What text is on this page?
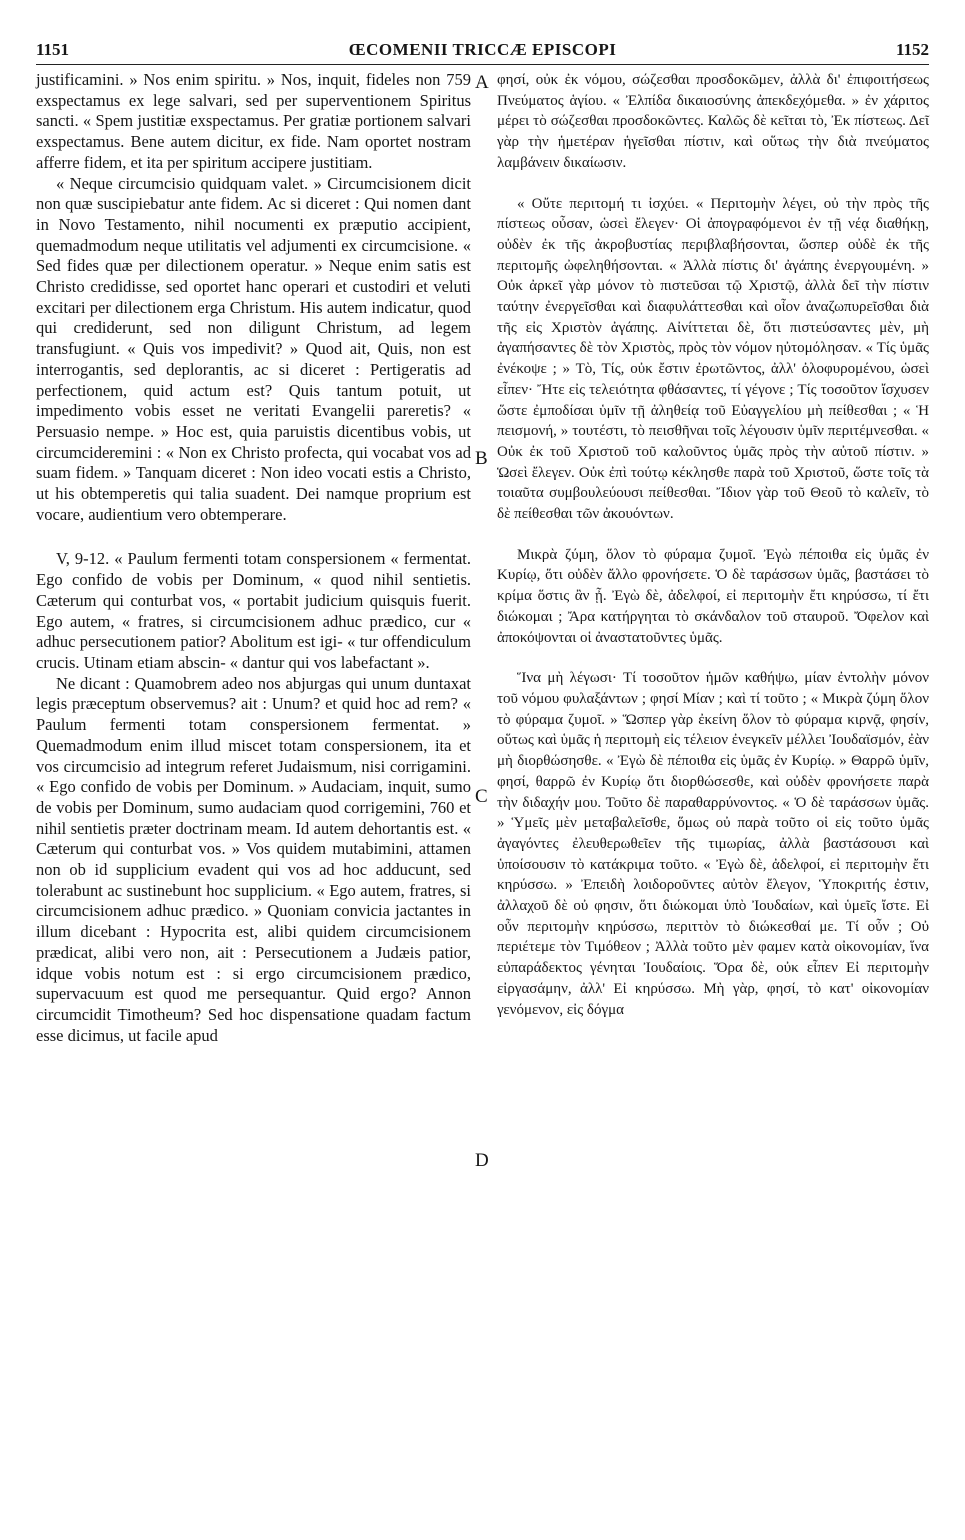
1151	ŒCOMENII TRICCÆ EPISCOPI	1152

justificamini. » Nos enim spiritu. » Nos, inquit, fideles non 759 exspectamus ex lege salvari, sed per superventionem Spiritus sancti. « Spem justitiæ exspectamus. Per gratiæ portionem salvari exspectamus. Bene autem dicitur, ex fide. Nam oportet nostram afferre fidem, et ita per spiritum accipere justitiam.

« Neque circumcisio quidquam valet. » Circumcisionem dicit non quæ suscipiebatur ante fidem. Ac si diceret : Qui nomen dant in Novo Testamento, nihil nocumenti ex præputio accipient, quemadmodum neque utilitatis vel adjumenti ex circumcisione. « Sed fides quæ per dilectionem operatur. » Neque enim satis est Christo credidisse, sed oportet hanc operari et custodiri et veluti excitari per dilectionem erga Christum. His autem indicatur, quod qui crediderunt, sed non diligunt Christum, ad legem transfugiunt. « Quis vos impedivit? » Quod ait, Quis, non est interrogantis, sed deplorantis, ac si diceret : Pertigeratis ad perfectionem, quid actum est? Quis tantum potuit, ut impedimento vobis esset ne veritati Evangelii pareretis? « Persuasio nempe. » Hoc est, quia paruistis dicentibus vobis, ut circumcideremini : « Non ex Christo profecta, qui vocabat vos ad suam fidem. » Tanquam diceret : Non ideo vocati estis a Christo, ut his obtemperetis qui talia suadent. Dei namque proprium est vocare, audientium vero obtemperare.

V, 9-12. « Paulum fermenti totam conspersionem « fermentat. Ego confido de vobis per Dominum, « quod nihil sentietis. Cæterum qui conturbat vos, « portabit judicium quisquis fuerit. Ego autem, « fratres, si circumcisionem adhuc prædico, cur « adhuc persecutionem patior? Abolitum est igi- « tur offendiculum crucis. Utinam etiam abscin- « dantur qui vos labefactant ».

Ne dicant : Quamobrem adeo nos abjurgas qui unum duntaxat legis præceptum observemus? ait : Unum? et quid hoc ad rem? « Paulum fermenti totam conspersionem fermentat. » Quemadmodum enim illud miscet totam conspersionem, ita et vos circumcisio ad integrum referet Judaismum, nisi corrigamini. « Ego confido de vobis per Dominum. » Audaciam, inquit, sumo de vobis per Dominum, sumo audaciam quod corrigemini, 760 et nihil sentietis præter doctrinam meam. Id autem dehortantis est. « Cæterum qui conturbat vos. » Vos quidem mutabimini, attamen non ob id supplicium evadent qui vos ad hoc adducunt, sed tolerabunt ac sustinebunt hoc supplicium. « Ego autem, fratres, si circumcisionem adhuc prædico. » Quoniam convicia jactantes in illum dicebant : Hypocrita est, alibi quidem circumcisionem prædicat, alibi vero non, ait : Persecutionem a Judæis patior, idque vobis notum est : si ergo circumcisionem prædico, supervacuum est quod me persequantur. Quid ergo? Annon circumcidit Timotheum? Sed hoc dispensatione quadam factum esse dicimus, ut facile apud

A
B
C
D

φησί, οὐκ ἐκ νόμου, σώζεσθαι προσδοκῶμεν, ἀλλὰ δι' ἐπιφοιτήσεως Πνεύματος ἁγίου. « Ἐλπίδα δικαιοσύνης ἀπεκδεχόμεθα. » ἐν χάριτος μέρει τὸ σώζεσθαι προσδοκῶντες. Καλῶς δὲ κεῖται τὸ, Ἐκ πίστεως. Δεῖ γὰρ τὴν ἡμετέραν ἡγεῖσθαι πίστιν, καὶ οὕτως τὴν διὰ πνεύματος λαμβάνειν δικαίωσιν.

« Οὔτε περιτομή τι ἰσχύει. « Περιτομὴν λέγει, οὐ τὴν πρὸς τῆς πίστεως οὖσαν, ὡσεὶ ἔλεγεν· Οἱ ἀπογραφόμενοι ἐν τῇ νέᾳ διαθήκῃ, οὐδὲν ἐκ τῆς ἀκροβυστίας περιβλαβήσονται, ὥσπερ οὐδὲ ἐκ τῆς περιτομῆς ὠφεληθήσονται. « Ἀλλὰ πίστις δι' ἀγάπης ἐνεργουμένη. » Οὐκ ἀρκεῖ γὰρ μόνον τὸ πιστεῦσαι τῷ Χριστῷ, ἀλλὰ δεῖ τὴν πίστιν ταύτην ἐνεργεῖσθαι καὶ διαφυλάττεσθαι καὶ οἷον ἀναζωπυρεῖσθαι διὰ τῆς εἰς Χριστὸν ἀγάπης. Αἰνίττεται δὲ, ὅτι πιστεύσαντες μὲν, μὴ ἀγαπήσαντες δὲ τὸν Χριστὸς, πρὸς τὸν νόμον ηὐτομόλησαν. « Τίς ὑμᾶς ἐνέκοψε ; » Τὸ, Τίς, οὐκ ἔστιν ἐρωτῶντος, ἀλλ' ὀλοφυρομένου, ὡσεὶ εἶπεν· Ἤτε εἰς τελειότητα φθάσαντες, τί γέγονε ; Τίς τοσοῦτον ἴσχυσεν ὥστε ἐμποδίσαι ὑμῖν τῇ ἀληθείᾳ τοῦ Εὐαγγελίου μὴ πείθεσθαι ; « Ἡ πεισμονή, » τουτέστι, τὸ πεισθῆναι τοῖς λέγουσιν ὑμῖν περιτέμνεσθαι. « Οὐκ ἐκ τοῦ Χριστοῦ τοῦ καλοῦντος ὑμᾶς πρὸς τὴν αὐτοῦ πίστιν. » Ὡσεὶ ἔλεγεν. Οὐκ ἐπὶ τούτῳ κέκλησθε παρὰ τοῦ Χριστοῦ, ὥστε τοῖς τὰ τοιαῦτα συμβουλεύουσι πείθεσθαι. Ἴδιον γὰρ τοῦ Θεοῦ τὸ καλεῖν, τὸ δὲ πείθεσθαι τῶν ἀκουόντων.

Μικρὰ ζύμη, ὅλον τὸ φύραμα ζυμοῖ. Ἐγὼ πέποιθα εἰς ὑμᾶς ἐν Κυρίῳ, ὅτι οὐδὲν ἄλλο φρονήσετε. Ὁ δὲ ταράσσων ὑμᾶς, βαστάσει τὸ κρίμα ὅστις ἂν ᾖ. Ἐγὼ δὲ, ἀδελφοί, εἰ περιτομὴν ἔτι κηρύσσω, τί ἔτι διώκομαι ; Ἄρα κατήργηται τὸ σκάνδαλον τοῦ σταυροῦ. Ὄφελον καὶ ἀποκόψονται οἱ ἀναστατοῦντες ὑμᾶς.

Ἵνα μὴ λέγωσι· Τί τοσοῦτον ἡμῶν καθήψω, μίαν ἐντολὴν μόνον τοῦ νόμου φυλαξάντων ; φησί Μίαν ; καὶ τί τοῦτο ; « Μικρὰ ζύμη ὅλον τὸ φύραμα ζυμοῖ. » Ὥσπερ γὰρ ἐκείνη ὅλον τὸ φύραμα κιρνᾷ, φησίν, οὕτως καὶ ὑμᾶς ἡ περιτομὴ εἰς τέλειον ἐνεγκεῖν μέλλει Ἰουδαϊσμόν, ἐὰν μὴ διορθώσησθε. « Ἐγὼ δὲ πέποιθα εἰς ὑμᾶς ἐν Κυρίῳ. » Θαρρῶ ὑμῖν, φησί, θαρρῶ ἐν Κυρίῳ ὅτι διορθώσεσθε, καὶ οὐδὲν φρονήσετε παρὰ τὴν διδαχήν μου. Τοῦτο δὲ παραθαρρύνοντος. « Ὁ δὲ ταράσσων ὑμᾶς. » Ὑμεῖς μὲν μεταβαλεῖσθε, ὅμως οὐ παρὰ τοῦτο οἱ εἰς τοῦτο ὑμᾶς ἀγαγόντες ἐλευθερωθεῖεν τῆς τιμωρίας, ἀλλὰ βαστάσουσι καὶ ὑποίσουσιν τὸ κατάκριμα τοῦτο. « Ἐγὼ δὲ, ἀδελφοί, εἰ περιτομὴν ἔτι κηρύσσω. » Ἐπειδὴ λοιδοροῦντες αὐτὸν ἔλεγον, Ὑποκριτής ἐστιν, ἀλλαχοῦ δὲ οὐ φησιν, ὅτι διώκομαι ὑπὸ Ἰουδαίων, καὶ ὑμεῖς ἴστε. Εἰ οὖν περιτομὴν κηρύσσω, περιττὸν τὸ διώκεσθαί με. Τί οὖν ; Οὐ περιέτεμε τὸν Τιμόθεον ; Ἀλλὰ τοῦτο μὲν φαμεν κατὰ οἰκονομίαν, ἵνα εὐπαράδεκτος γένηται Ἰουδαίοις. Ὅρα δὲ, οὐκ εἶπεν Εἰ περιτομὴν εἰργασάμην, ἀλλ' Εἰ κηρύσσω. Μὴ γὰρ, φησί, τὸ κατ' οἰκονομίαν γενόμενον, εἰς δόγμα
